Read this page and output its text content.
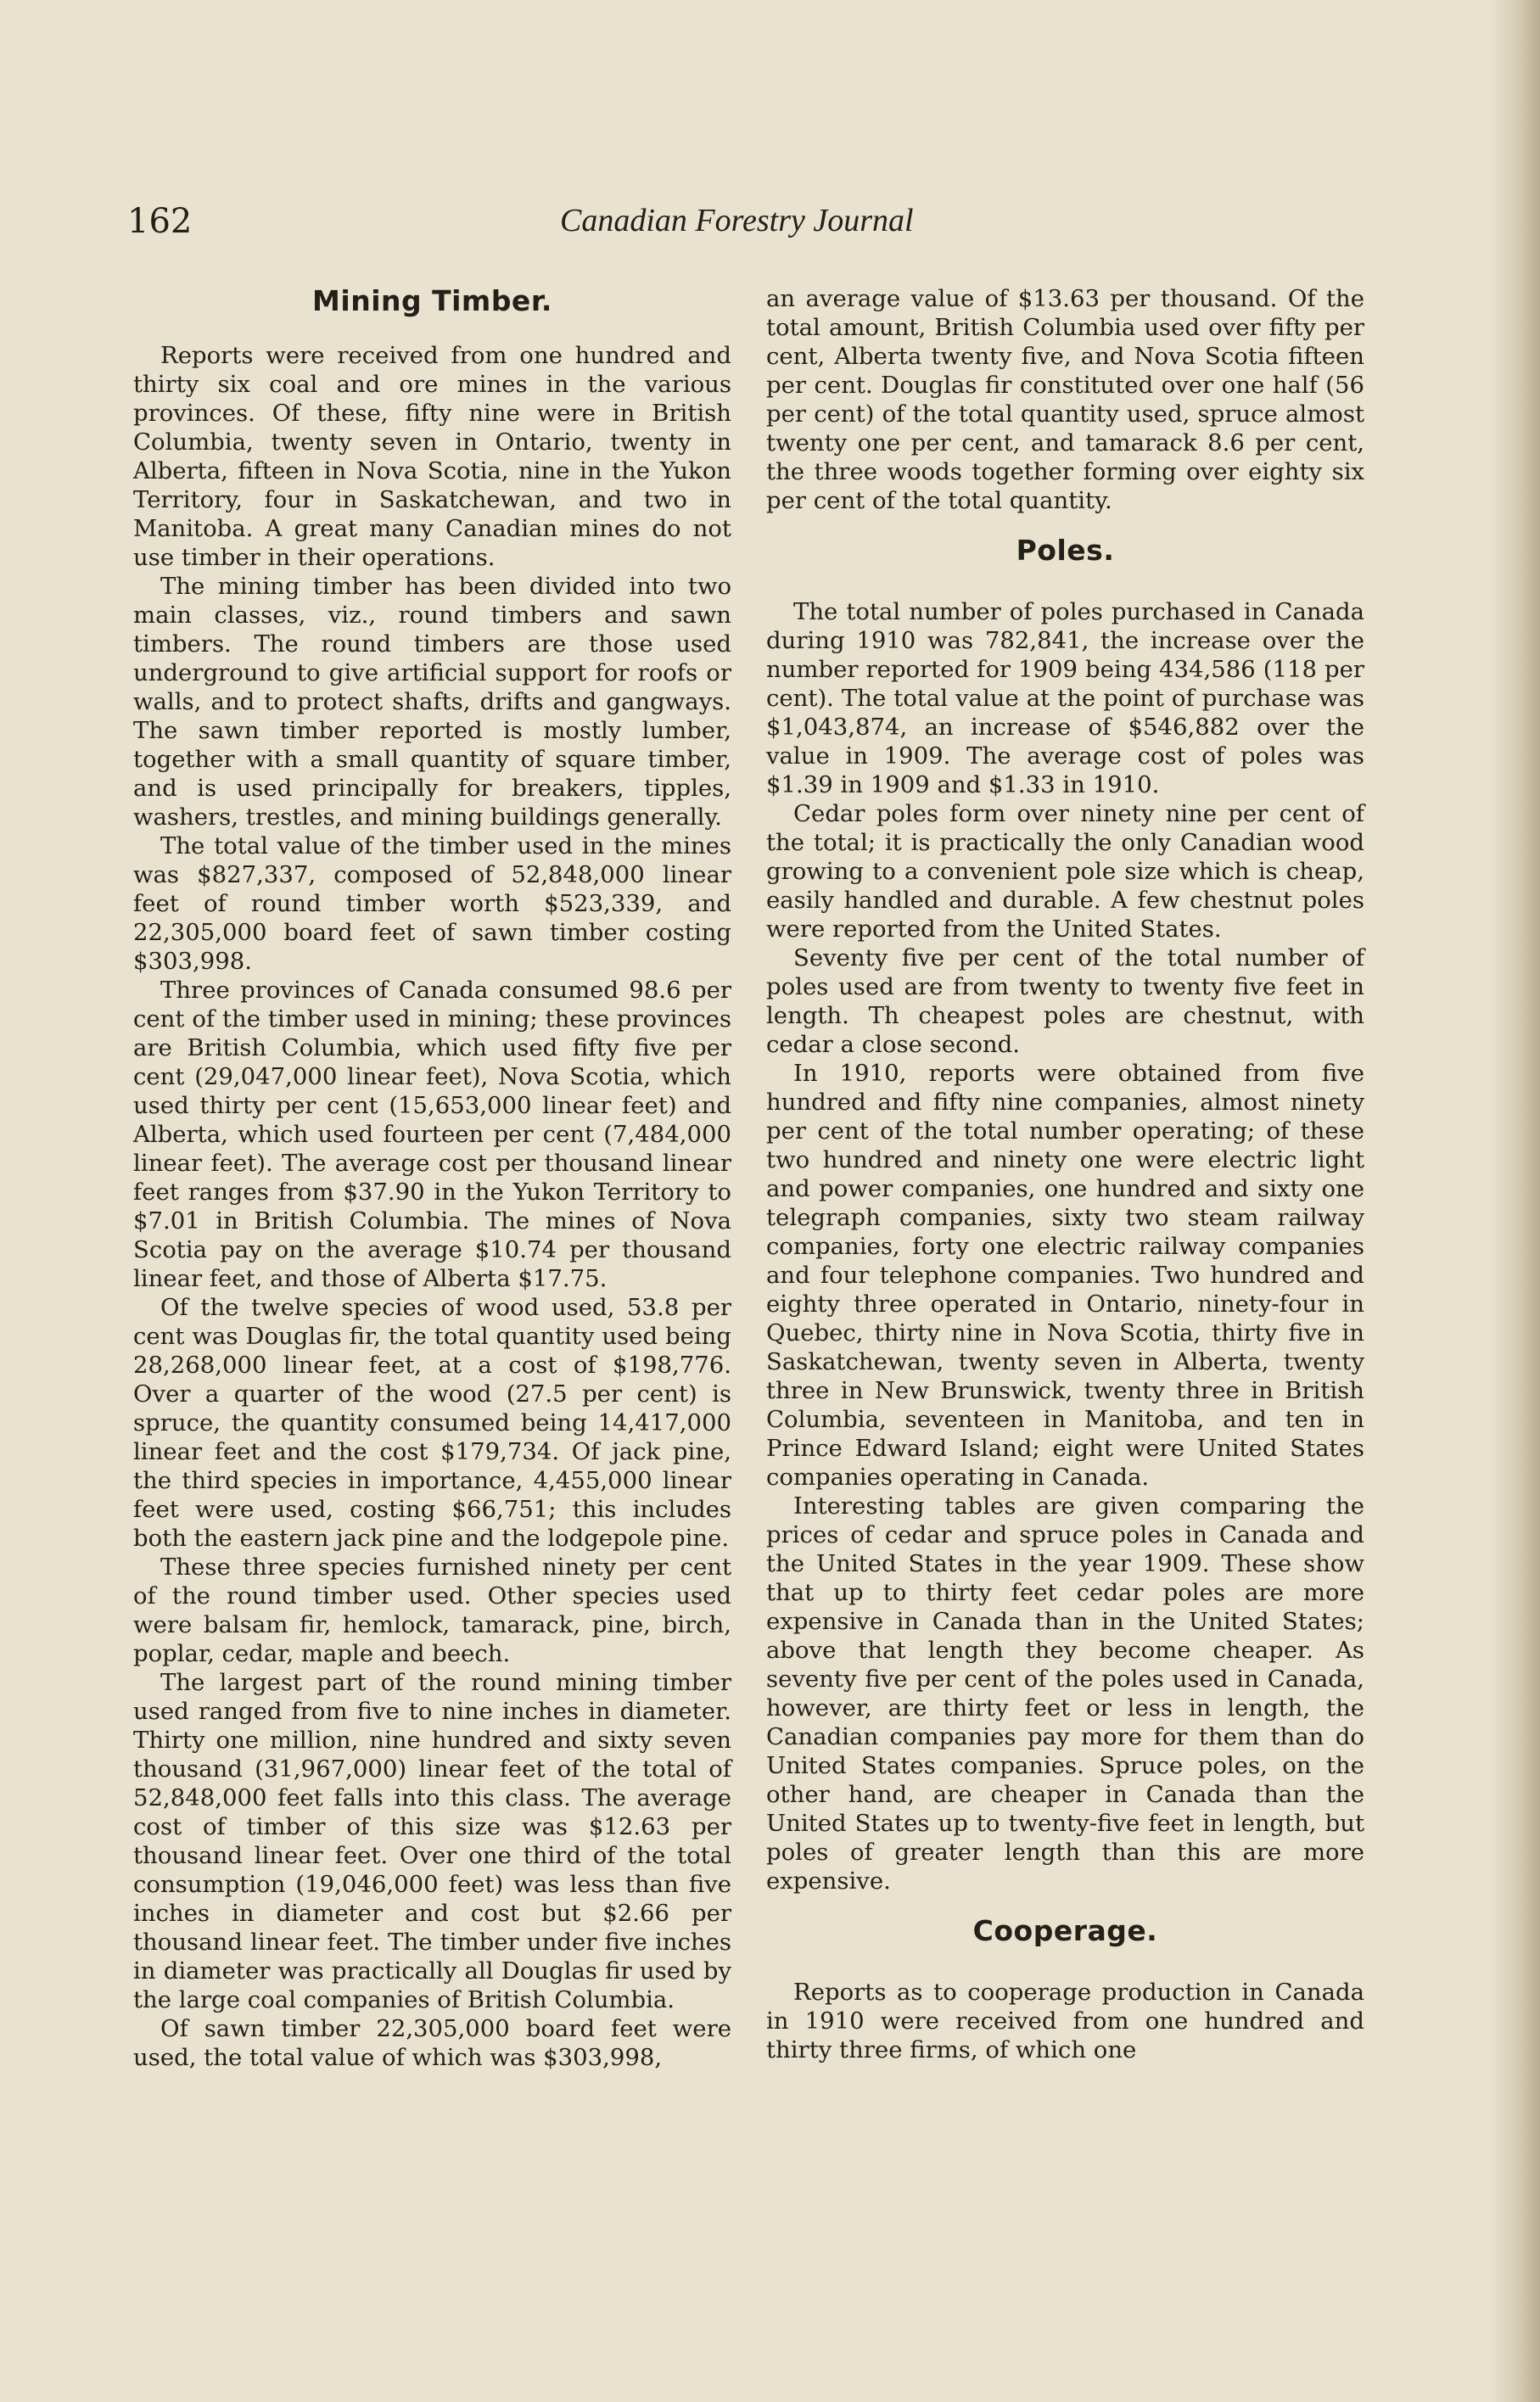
162	Canadian Forestry Journal
Mining Timber.

Reports were received from one hundred and thirty six coal and ore mines in the various provinces. Of these, fifty nine were in British Columbia, twenty seven in Ontario, twenty in Alberta, fifteen in Nova Scotia, nine in the Yukon Territory, four in Saskatchewan, and two in Manitoba. A great many Canadian mines do not use timber in their operations.

The mining timber has been divided into two main classes, viz., round timbers and sawn timbers. The round timbers are those used underground to give artificial support for roofs or walls, and to protect shafts, drifts and gangways. The sawn timber reported is mostly lumber, together with a small quantity of square timber, and is used principally for breakers, tipples, washers, trestles, and mining buildings generally.

The total value of the timber used in the mines was $827,337, composed of 52,848,000 linear feet of round timber worth $523,339, and 22,305,000 board feet of sawn timber costing $303,998.

Three provinces of Canada consumed 98.6 per cent of the timber used in mining; these provinces are British Columbia, which used fifty five per cent (29,047,000 linear feet), Nova Scotia, which used thirty per cent (15,653,000 linear feet) and Alberta, which used fourteen per cent (7,484,000 linear feet). The average cost per thousand linear feet ranges from $37.90 in the Yukon Territory to $7.01 in British Columbia. The mines of Nova Scotia pay on the average $10.74 per thousand linear feet, and those of Alberta $17.75.

Of the twelve species of wood used, 53.8 per cent was Douglas fir, the total quantity used being 28,268,000 linear feet, at a cost of $198,776. Over a quarter of the wood (27.5 per cent) is spruce, the quantity consumed being 14,417,000 linear feet and the cost $179,734. Of jack pine, the third species in importance, 4,455,000 linear feet were used, costing $66,751; this includes both the eastern jack pine and the lodgepole pine.

These three species furnished ninety per cent of the round timber used. Other species used were balsam fir, hemlock, tamarack, pine, birch, poplar, cedar, maple and beech.

The largest part of the round mining timber used ranged from five to nine inches in diameter. Thirty one million, nine hundred and sixty seven thousand (31,967,000) linear feet of the total of 52,848,000 feet falls into this class. The average cost of timber of this size was $12.63 per thousand linear feet. Over one third of the total consumption (19,046,000 feet) was less than five inches in diameter and cost but $2.66 per thousand linear feet. The timber under five inches in diameter was practically all Douglas fir used by the large coal companies of British Columbia.

Of sawn timber 22,305,000 board feet were used, the total value of which was $303,998,

an average value of $13.63 per thousand. Of the total amount, British Columbia used over fifty per cent, Alberta twenty five, and Nova Scotia fifteen per cent. Douglas fir constituted over one half (56 per cent) of the total quantity used, spruce almost twenty one per cent, and tamarack 8.6 per cent, the three woods together forming over eighty six per cent of the total quantity.

Poles.

The total number of poles purchased in Canada during 1910 was 782,841, the increase over the number reported for 1909 being 434,586 (118 per cent). The total value at the point of purchase was $1,043,874, an increase of $546,882 over the value in 1909. The average cost of poles was $1.39 in 1909 and $1.33 in 1910.

Cedar poles form over ninety nine per cent of the total; it is practically the only Canadian wood growing to a convenient pole size which is cheap, easily handled and durable. A few chestnut poles were reported from the United States.

Seventy five per cent of the total number of poles used are from twenty to twenty five feet in length. Th cheapest poles are chestnut, with cedar a close second.

In 1910, reports were obtained from five hundred and fifty nine companies, almost ninety per cent of the total number operating; of these two hundred and ninety one were electric light and power companies, one hundred and sixty one telegraph companies, sixty two steam railway companies, forty one electric railway companies and four telephone companies. Two hundred and eighty three operated in Ontario, ninety-four in Quebec, thirty nine in Nova Scotia, thirty five in Saskatchewan, twenty seven in Alberta, twenty three in New Brunswick, twenty three in British Columbia, seventeen in Manitoba, and ten in Prince Edward Island; eight were United States companies operating in Canada.

Interesting tables are given comparing the prices of cedar and spruce poles in Canada and the United States in the year 1909. These show that up to thirty feet cedar poles are more expensive in Canada than in the United States; above that length they become cheaper. As seventy five per cent of the poles used in Canada, however, are thirty feet or less in length, the Canadian companies pay more for them than do United States companies. Spruce poles, on the other hand, are cheaper in Canada than the United States up to twenty-five feet in length, but poles of greater length than this are more expensive.

Cooperage.

Reports as to cooperage production in Canada in 1910 were received from one hundred and thirty three firms, of which one
